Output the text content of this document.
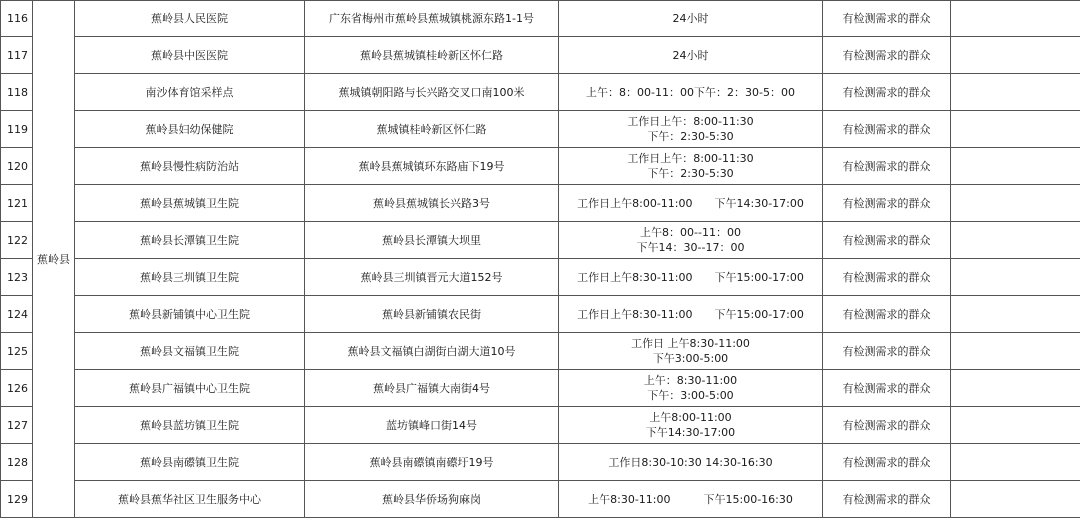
116	蕉岭县	蕉岭县人民医院	广东省梅州市蕉岭县蕉城镇桃源东路1-1号	24小时	有检测需求的群众	
117		蕉岭县中医医院	蕉岭县蕉城镇桂岭新区怀仁路	24小时	有检测需求的群众	
118		南沙体育馆采样点	蕉城镇朝阳路与长兴路交叉口南100米	上午：8：00-11：00下午：2：30-5：00	有检测需求的群众	
119		蕉岭县妇幼保健院	蕉城镇桂岭新区怀仁路	工作日上午：8:00-11:30
下午：2:30-5:30	有检测需求的群众	
120		蕉岭县慢性病防治站	蕉岭县蕉城镇环东路庙下19号	工作日上午：8:00-11:30
下午：2:30-5:30	有检测需求的群众	
121		蕉岭县蕉城镇卫生院	蕉岭县蕉城镇长兴路3号	工作日上午8:00-11:00　　下午14:30-17:00	有检测需求的群众	
122		蕉岭县长潭镇卫生院	蕉岭县长潭镇大坝里	上午8：00--11：00
下午14：30--17：00	有检测需求的群众	
123		蕉岭县三圳镇卫生院	蕉岭县三圳镇晋元大道152号	工作日上午8:30-11:00　　下午15:00-17:00	有检测需求的群众	
124		蕉岭县新铺镇中心卫生院	蕉岭县新铺镇农民街	工作日上午8:30-11:00　　下午15:00-17:00	有检测需求的群众	
125		蕉岭县文福镇卫生院	蕉岭县文福镇白湖街白湖大道10号	工作日 上午8:30-11:00
下午3:00-5:00	有检测需求的群众	
126		蕉岭县广福镇中心卫生院	蕉岭县广福镇大南街4号	上午：8:30-11:00
下午：3:00-5:00	有检测需求的群众	
127		蕉岭县蓝坊镇卫生院	蓝坊镇峰口街14号	上午8:00-11:00
下午14:30-17:00	有检测需求的群众	
128		蕉岭县南礤镇卫生院	蕉岭县南礤镇南礤圩19号	工作日8:30-10:30 14:30-16:30	有检测需求的群众	
129		蕉岭县蕉华社区卫生服务中心	蕉岭县华侨场狗麻岗	上午8:30-11:00　　　下午15:00-16:30	有检测需求的群众	
